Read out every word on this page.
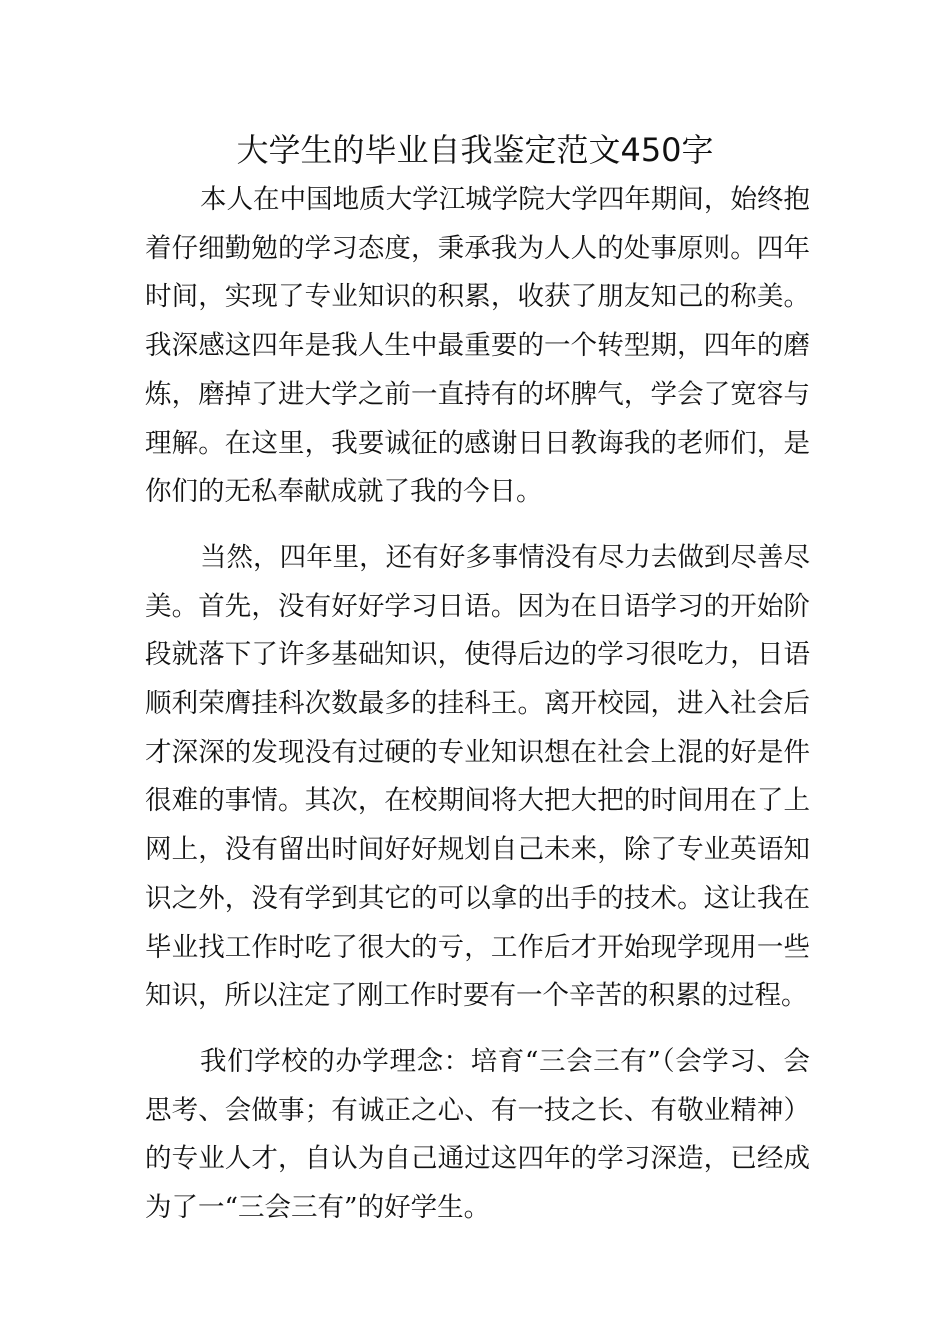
大学生的毕业自我鉴定范文450字

本人在中国地质大学江城学院大学四年期间，始终抱着仔细勤勉的学习态度，秉承我为人人的处事原则。四年时间，实现了专业知识的积累，收获了朋友知己的称美。我深感这四年是我人生中最重要的一个转型期，四年的磨炼，磨掉了进大学之前一直持有的坏脾气，学会了宽容与理解。在这里，我要诚征的感谢日日教诲我的老师们，是你们的无私奉献成就了我的今日。

当然，四年里，还有好多事情没有尽力去做到尽善尽美。首先，没有好好学习日语。因为在日语学习的开始阶段就落下了许多基础知识，使得后边的学习很吃力，日语顺利荣膺挂科次数最多的挂科王。离开校园，进入社会后才深深的发现没有过硬的专业知识想在社会上混的好是件很难的事情。其次，在校期间将大把大把的时间用在了上网上，没有留出时间好好规划自己未来，除了专业英语知识之外，没有学到其它的可以拿的出手的技术。这让我在毕业找工作时吃了很大的亏，工作后才开始现学现用一些知识，所以注定了刚工作时要有一个辛苦的积累的过程。

我们学校的办学理念：培育“三会三有”（会学习、会思考、会做事；有诚正之心、有一技之长、有敬业精神）的专业人才，自认为自己通过这四年的学习深造，已经成为了一“三会三有”的好学生。
